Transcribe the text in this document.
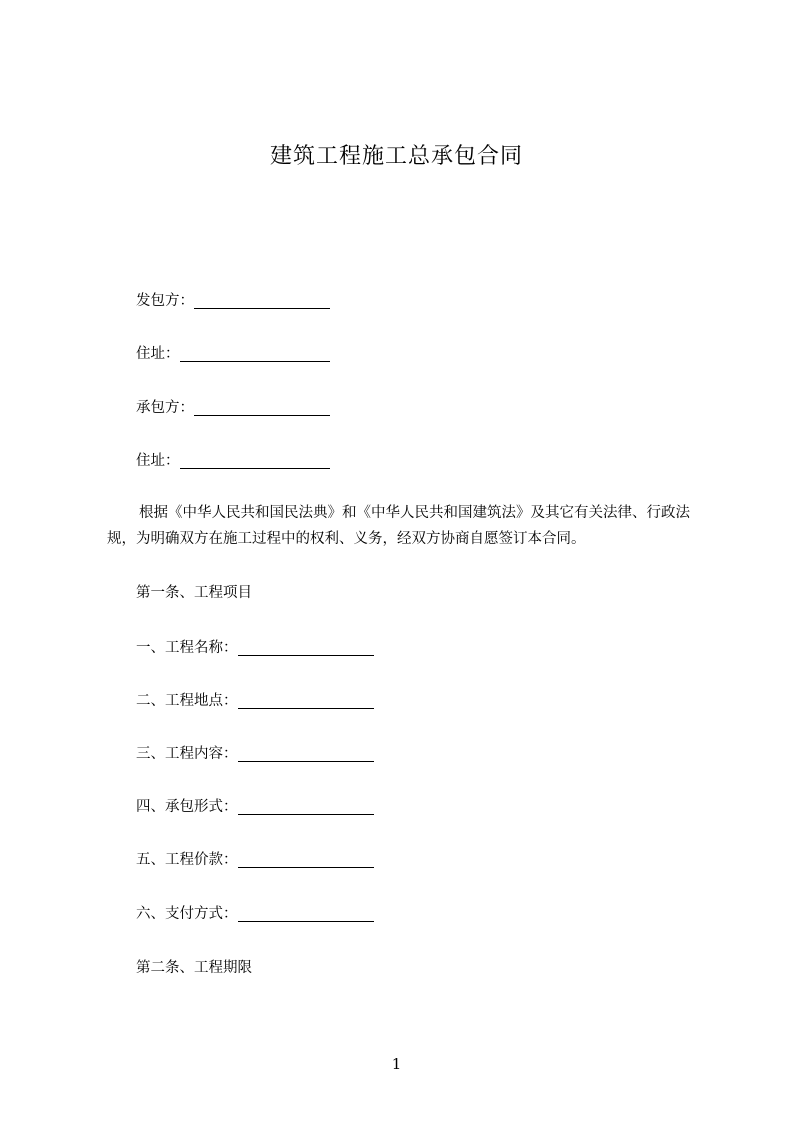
建筑工程施工总承包合同
发包方：
住址：
承包方：
住址：
根据《中华人民共和国民法典》和《中华人民共和国建筑法》及其它有关法律、行政法规，为明确双方在施工过程中的权利、义务，经双方协商自愿签订本合同。
第一条、工程项目
一、工程名称：
二、工程地点：
三、工程内容：
四、承包形式：
五、工程价款：
六、支付方式：
第二条、工程期限
1
